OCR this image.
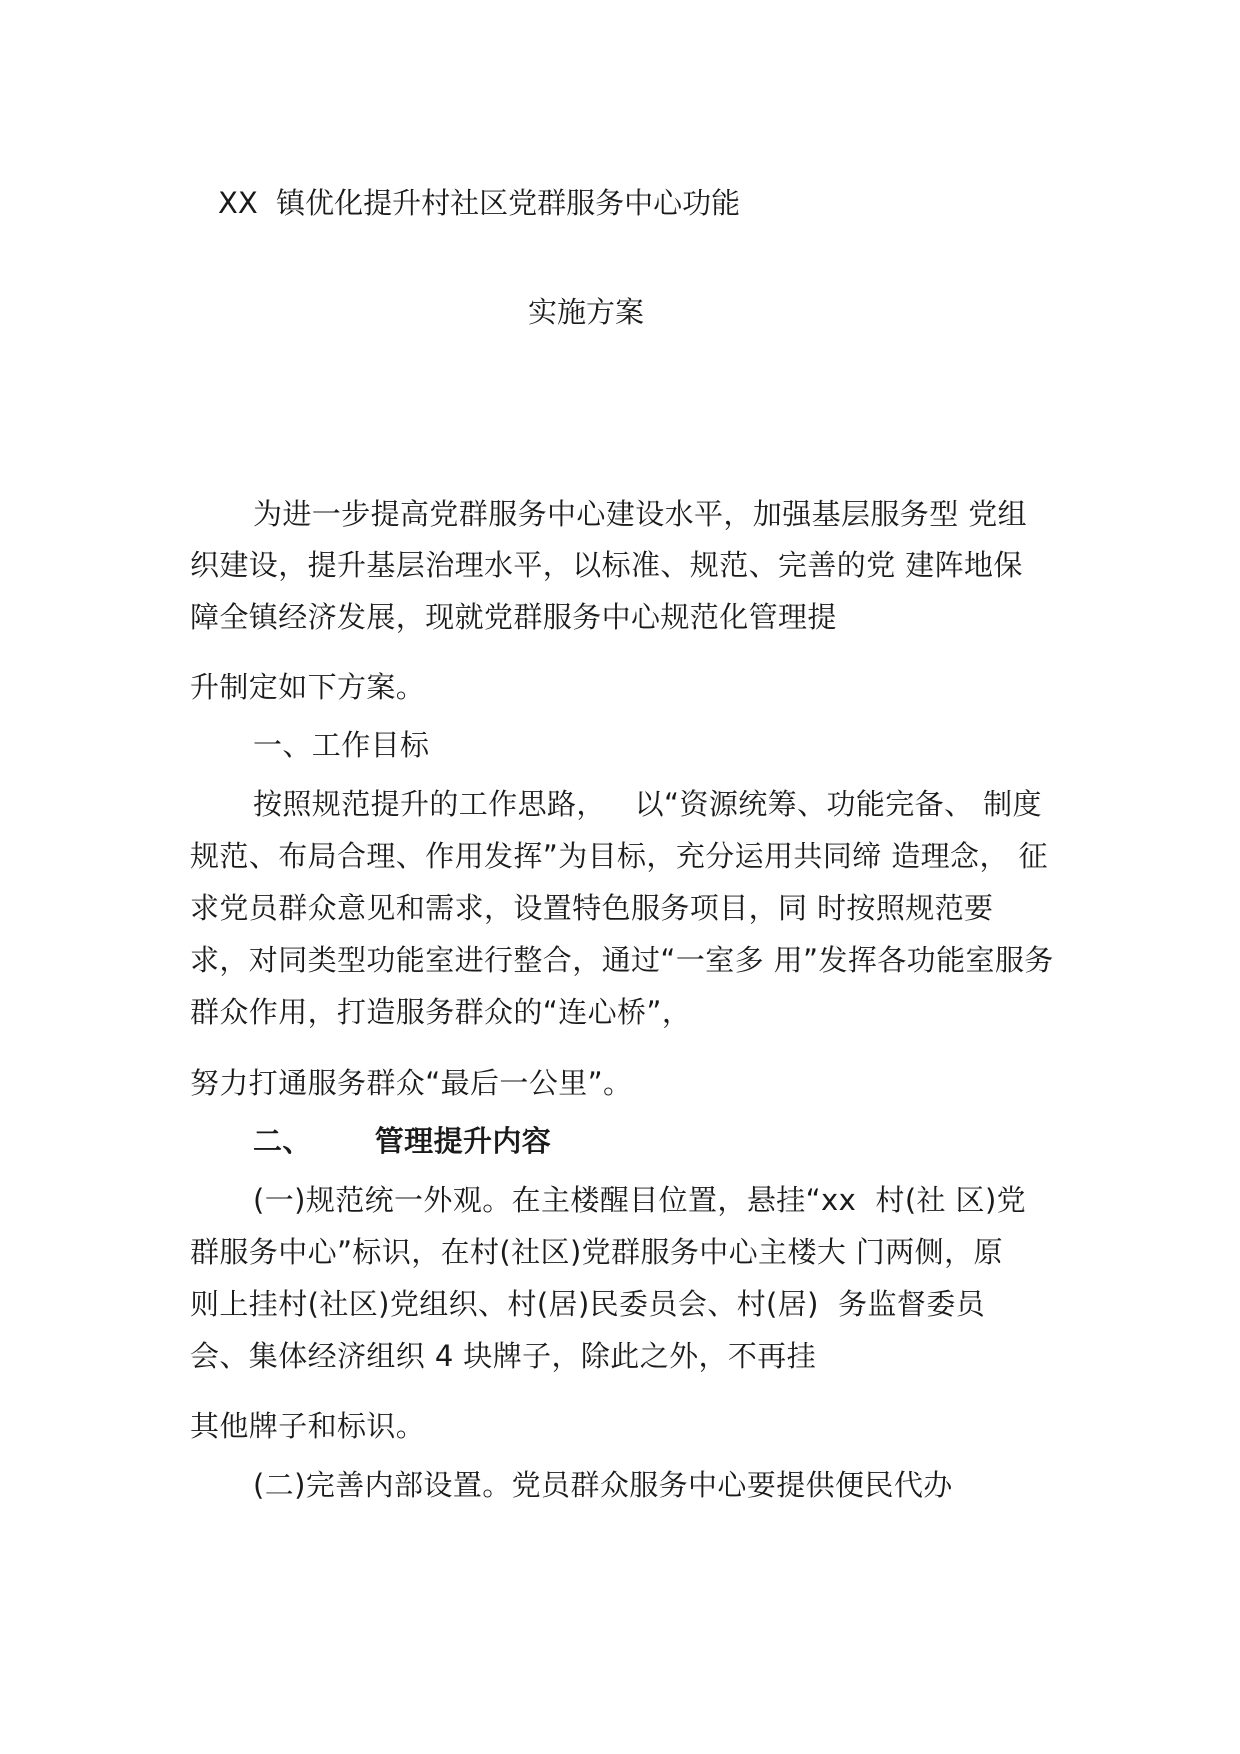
XX  镇优化提升村社区党群服务中心功能
实施方案

为进一步提高党群服务中心建设水平，加强基层服务型 党组

织建设，提升基层治理水平，以标准、规范、完善的党 建阵地保

障全镇经济发展，现就党群服务中心规范化管理提

升制定如下方案。

一、工作目标

按照规范提升的工作思路，   以“资源统筹、功能完备、 制度

规范、布局合理、作用发挥”为目标，充分运用共同缔 造理念， 征

求党员群众意见和需求，设置特色服务项目，同 时按照规范要

求，对同类型功能室进行整合，通过“一室多 用”发挥各功能室服务

群众作用，打造服务群众的“连心桥”，

努力打通服务群众“最后一公里”。

二、      管理提升内容

(一)规范统一外观。在主楼醒目位置，悬挂“xx  村(社 区)党

群服务中心”标识，在村(社区)党群服务中心主楼大 门两侧，原

则上挂村(社区)党组织、村(居)民委员会、村(居)  务监督委员

会、集体经济组织 4 块牌子，除此之外，不再挂

其他牌子和标识。

(二)完善内部设置。党员群众服务中心要提供便民代办
